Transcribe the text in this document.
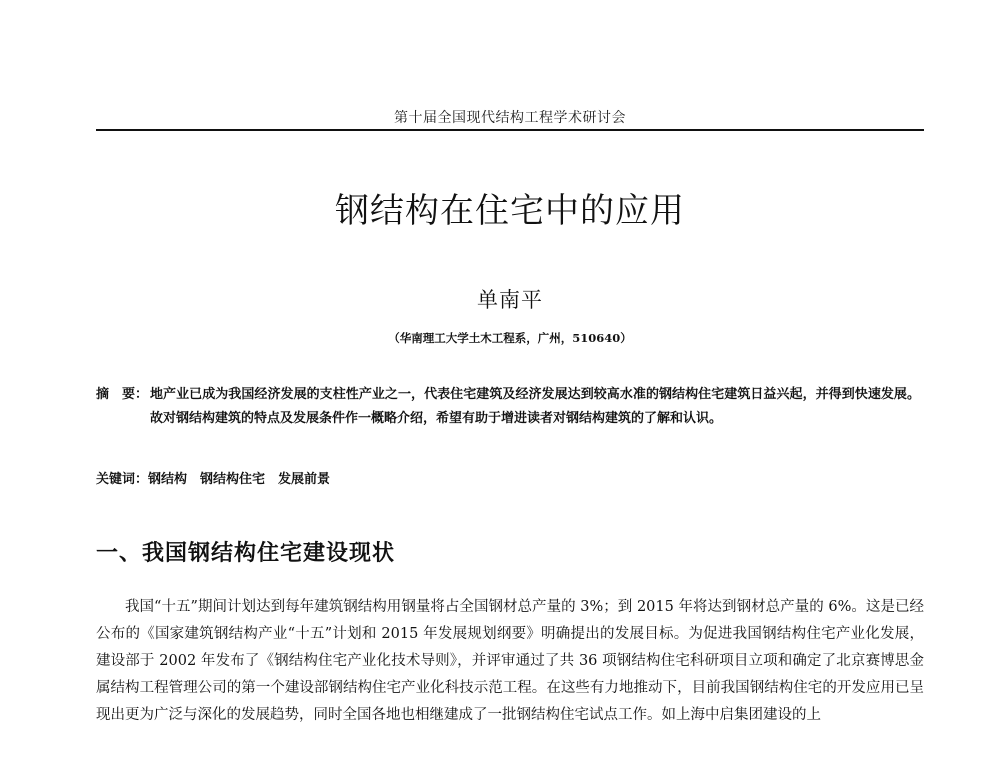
第十届全国现代结构工程学术研讨会
钢结构在住宅中的应用
单南平
（华南理工大学土木工程系，广州，510640）
摘　要： 地产业已成为我国经济发展的支柱性产业之一，代表住宅建筑及经济发展达到较高水准的钢结构住宅建筑日益兴起，并得到快速发展。故对钢结构建筑的特点及发展条件作一概略介绍，希望有助于增进读者对钢结构建筑的了解和认识。
关键词：钢结构　钢结构住宅　发展前景
一、我国钢结构住宅建设现状
我国“十五”期间计划达到每年建筑钢结构用钢量将占全国钢材总产量的 3%；到 2015 年将达到钢材总产量的 6%。这是已经公布的《国家建筑钢结构产业“十五”计划和 2015 年发展规划纲要》明确提出的发展目标。为促进我国钢结构住宅产业化发展，建设部于 2002 年发布了《钢结构住宅产业化技术导则》，并评审通过了共 36 项钢结构住宅科研项目立项和确定了北京赛博思金属结构工程管理公司的第一个建设部钢结构住宅产业化科技示范工程。在这些有力地推动下，目前我国钢结构住宅的开发应用已呈现出更为广泛与深化的发展趋势，同时全国各地也相继建成了一批钢结构住宅试点工作。如上海中启集团建设的上
